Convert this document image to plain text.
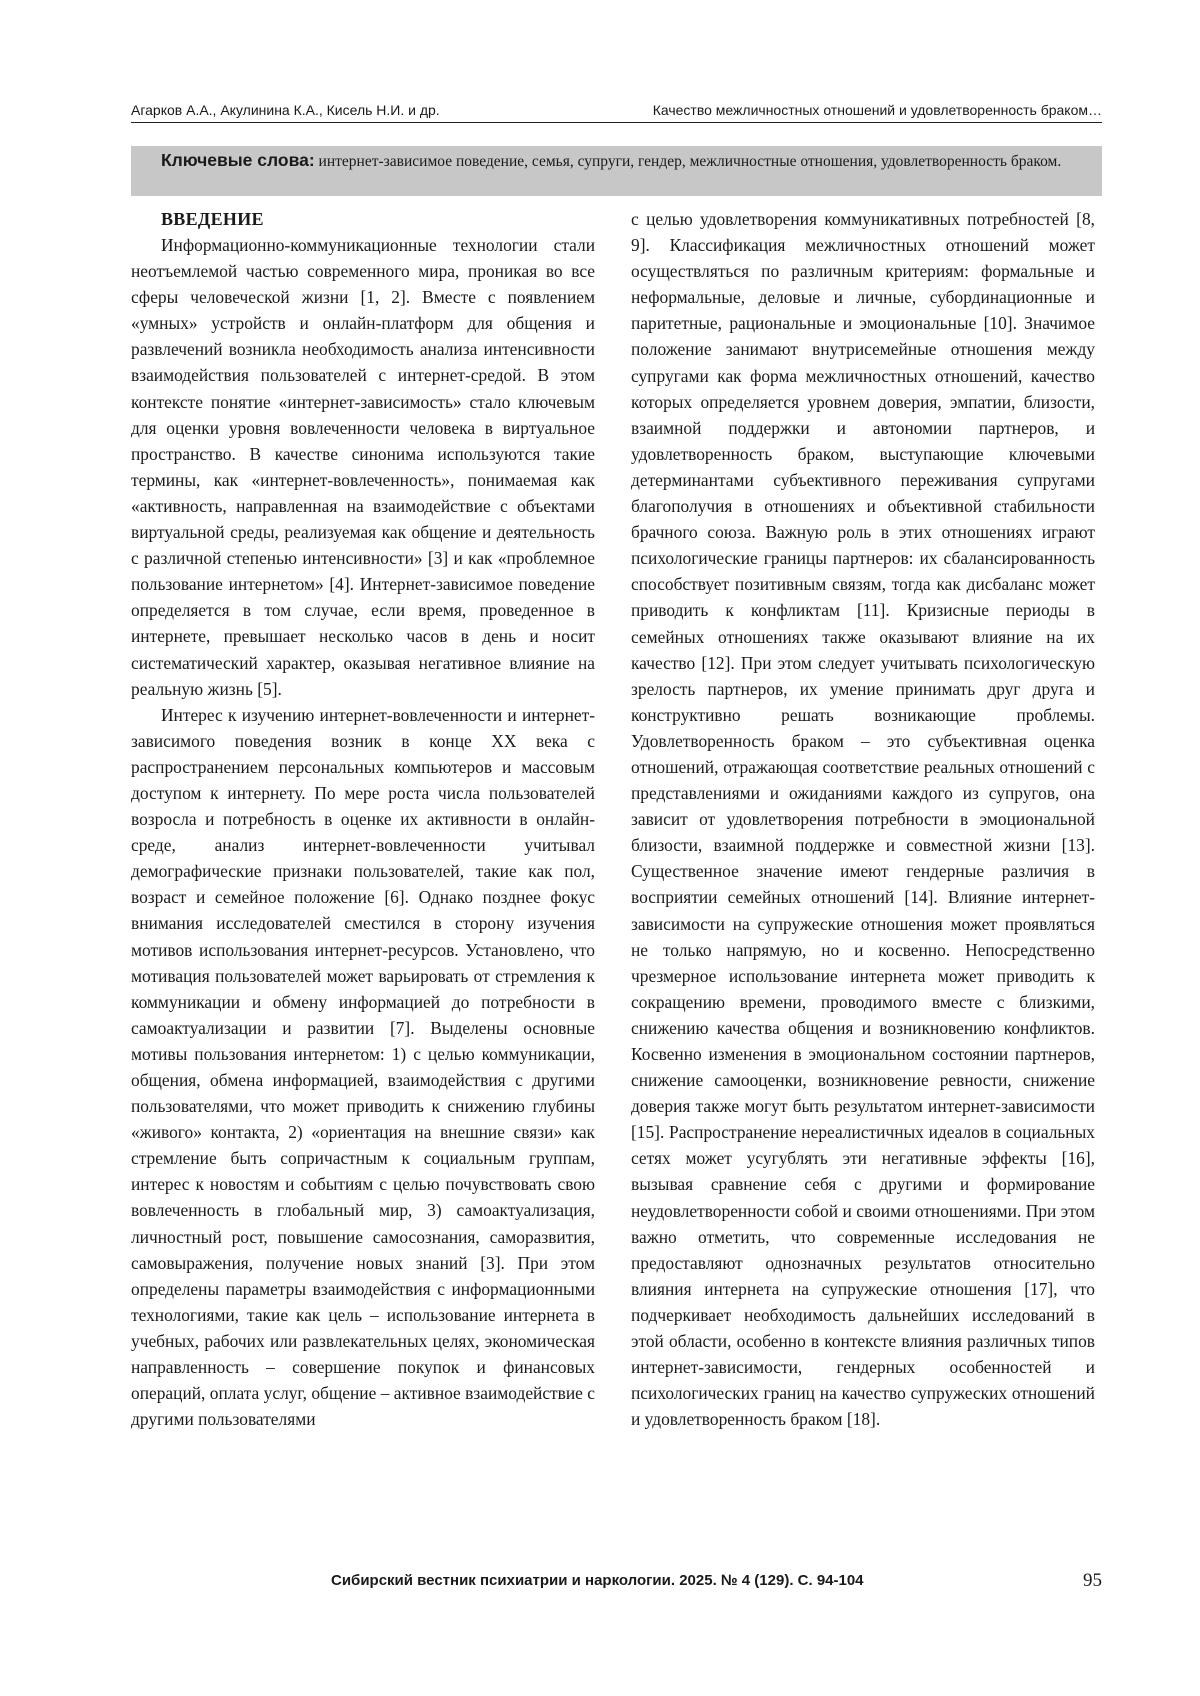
Агарков А.А., Акулинина К.А., Кисель Н.И. и др.	Качество межличностных отношений и удовлетворенность браком…
Ключевые слова: интернет-зависимое поведение, семья, супруги, гендер, межличностные отношения, удовлетворенность браком.
ВВЕДЕНИЕ

Информационно-коммуникационные технологии стали неотъемлемой частью современного мира, проникая во все сферы человеческой жизни [1, 2]. Вместе с появлением «умных» устройств и онлайн-платформ для общения и развлечений возникла необходимость анализа интенсивности взаимодействия пользователей с интернет-средой. В этом контексте понятие «интернет-зависимость» стало ключевым для оценки уровня вовлеченности человека в виртуальное пространство. В качестве синонима используются такие термины, как «интернет-вовлеченность», понимаемая как «активность, направленная на взаимодействие с объектами виртуальной среды, реализуемая как общение и деятельность с различной степенью интенсивности» [3] и как «проблемное пользование интернетом» [4]. Интернет-зависимое поведение определяется в том случае, если время, проведенное в интернете, превышает несколько часов в день и носит систематический характер, оказывая негативное влияние на реальную жизнь [5].

Интерес к изучению интернет-вовлеченности и интернет-зависимого поведения возник в конце XX века с распространением персональных компьютеров и массовым доступом к интернету. По мере роста числа пользователей возросла и потребность в оценке их активности в онлайн-среде, анализ интернет-вовлеченности учитывал демографические признаки пользователей, такие как пол, возраст и семейное положение [6]. Однако позднее фокус внимания исследователей сместился в сторону изучения мотивов использования интернет-ресурсов. Установлено, что мотивация пользователей может варьировать от стремления к коммуникации и обмену информацией до потребности в самоактуализации и развитии [7]. Выделены основные мотивы пользования интернетом: 1) с целью коммуникации, общения, обмена информацией, взаимодействия с другими пользователями, что может приводить к снижению глубины «живого» контакта, 2) «ориентация на внешние связи» как стремление быть сопричастным к социальным группам, интерес к новостям и событиям с целью почувствовать свою вовлеченность в глобальный мир, 3) самоактуализация, личностный рост, повышение самосознания, саморазвития, самовыражения, получение новых знаний [3]. При этом определены параметры взаимодействия с информационными технологиями, такие как цель – использование интернета в учебных, рабочих или развлекательных целях, экономическая направленность – совершение покупок и финансовых операций, оплата услуг, общение – активное взаимодействие с другими пользователями

с целью удовлетворения коммуникативных потребностей [8, 9]. Классификация межличностных отношений может осуществляться по различным критериям: формальные и неформальные, деловые и личные, субординационные и паритетные, рациональные и эмоциональные [10]. Значимое положение занимают внутрисемейные отношения между супругами как форма межличностных отношений, качество которых определяется уровнем доверия, эмпатии, близости, взаимной поддержки и автономии партнеров, и удовлетворенность браком, выступающие ключевыми детерминантами субъективного переживания супругами благополучия в отношениях и объективной стабильности брачного союза. Важную роль в этих отношениях играют психологические границы партнеров: их сбалансированность способствует позитивным связям, тогда как дисбаланс может приводить к конфликтам [11]. Кризисные периоды в семейных отношениях также оказывают влияние на их качество [12]. При этом следует учитывать психологическую зрелость партнеров, их умение принимать друг друга и конструктивно решать возникающие проблемы. Удовлетворенность браком – это субъективная оценка отношений, отражающая соответствие реальных отношений с представлениями и ожиданиями каждого из супругов, она зависит от удовлетворения потребности в эмоциональной близости, взаимной поддержке и совместной жизни [13]. Существенное значение имеют гендерные различия в восприятии семейных отношений [14]. Влияние интернет-зависимости на супружеские отношения может проявляться не только напрямую, но и косвенно. Непосредственно чрезмерное использование интернета может приводить к сокращению времени, проводимого вместе с близкими, снижению качества общения и возникновению конфликтов. Косвенно изменения в эмоциональном состоянии партнеров, снижение самооценки, возникновение ревности, снижение доверия также могут быть результатом интернет-зависимости [15]. Распространение нереалистичных идеалов в социальных сетях может усугублять эти негативные эффекты [16], вызывая сравнение себя с другими и формирование неудовлетворенности собой и своими отношениями. При этом важно отметить, что современные исследования не предоставляют однозначных результатов относительно влияния интернета на супружеские отношения [17], что подчеркивает необходимость дальнейших исследований в этой области, особенно в контексте влияния различных типов интернет-зависимости, гендерных особенностей и психологических границ на качество супружеских отношений и удовлетворенность браком [18].

Сибирский вестник психиатрии и наркологии. 2025. № 4 (129). С. 94-104	95
